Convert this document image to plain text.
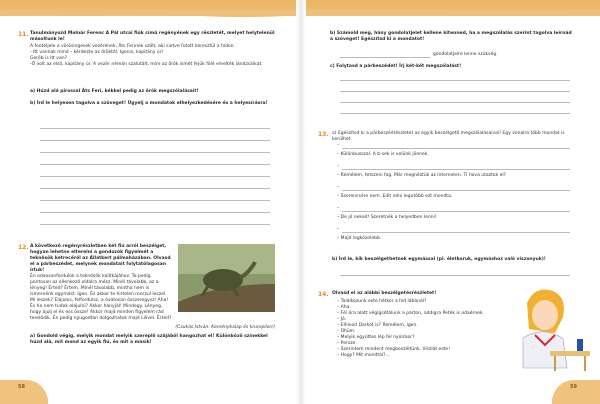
11. Tanulmányozd Molnár Ferenc A Pál utcai fiúk című regényének egy részletét, melyet helytelenül másoltunk le!
A footeljele a vörösingesek vezérének, Áts Ferinek szólt, aki sietve futott keresztül a hídon.
- Itt vannak mind – kérdezte az őröktől. Igenis, kapitány úr!
Gerëb is itt van?
-Ő volt az első, kapitány úr. A vezér némán szalutált, mire az őrök ismét fejük fölé emelték lándzsáikat.
a) Húzd alá pirossal Áts Feri, kékkel pedig az őrök megszólalásait!
b) Írd le helyesen tagolva a szöveget! Ügyelj a mondatok elhelyezkedésére és a helyesírásra!
12. A következő regényrészletben két fiú arról beszélget, hogyan lehetne elterelni a gondozók figyelmét a teknősök ketrecéről az Állatkert pálmaházában. Olvasd el a párbeszédet, melynek mondatait folytatólagosan írtuk!
Én odaosonfordulok a teknősök kalitkájához. Te pedig pontosan az ellenkező oldalra mész. Minél távolabb, az a lényeg! Érted? Értem. Minél távolabb, mintha nem is ismernénk egymást. Igen. És akkor te hirtelen rosszul leszel. Mi leszek? Elájulos, felfordulsz, a óvatosan összerogysz! Aha! És ha nem tudok elájulni? Akkor hányjál! Mindegy. Lényeg, hogy ájulj el és ess össze! Akkor majd minden figyelem rád terelődik. Én pedig nyugodtan dolgozhatok majd Lilivel. Érted?
(Csukás István: Keménykalap és krumpliorr)
a) Gondold végig, melyik mondat melyik szereplő szájából hangozhat el! Különböző színekkel húzd alá, mit mond az egyik fiú, és mit a másik!
58
b) Számold meg, hány gondolatjelet kellene kitenned, ha a megszólalás szerint tagolva leírnád a szöveget! Egészítsd ki a mondatot!
gondolatjelre lenne szükség.
c) Folytasd a párbeszédet! Írj két-két megszólalást!
13. a) Egészítsd ki a párbeszédrészletet az egyik beszélgető megszólalásaival! Egy vonalra több mondat is kerülhet.
b) Írd le, kik beszélgethetnek egymással (pl. életkoruk, egymáshoz való viszonyuk)!
14. Olvasd el az alábbi beszélgetésrészletet!
– Találkozunk este hétkor a híd lábánál?
– Aha.
– Fél óra alatt végigsétálunk a parton, addigra Peték is odaérnek.
– Jó.
– Elhívod Darkót is? Remélem, igen.
– Ühüm.
– Melyik együttes lép fel nyolckor?
– Persze.
– Szerintem mindent megbeszéltünk. Viszlát este!
– Hogy? Mit mondtál?...
59
–
– Különbusszal. A b-sek is velünk jönnek.
–
– Remélem, tetszeni fog. Már megnéztük az interneten. Ti hova utaztok el?
–
– Szerencsére nem. Edit néni legutóbb ezt mondta.
–
– De jó neked! Szeretnék a helyedben lenni!
–
– Majd legközelebb.
